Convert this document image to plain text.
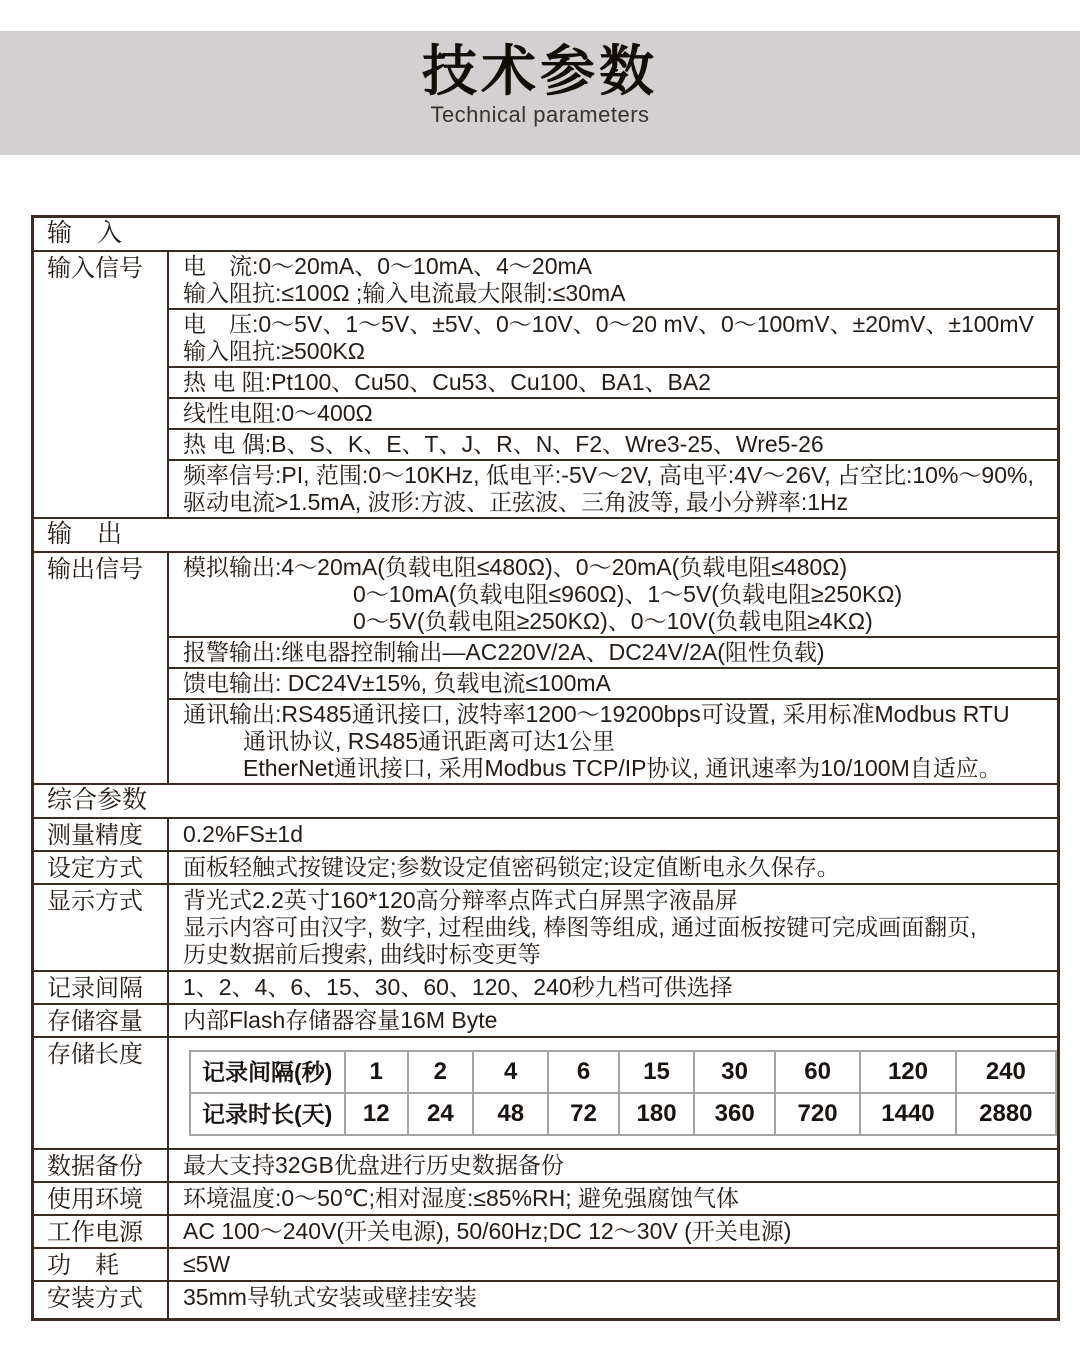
技术参数
Technical parameters
输　入
输入信号	电　流:0～20mA、0～10mA、4～20mA
输入阻抗:≤100Ω ;输入电流最大限制:≤30mA
电　压:0～5V、1～5V、±5V、0～10V、0～20 mV、0～100mV、±20mV、±100mV
输入阻抗:≥500KΩ
热 电 阻:Pt100、Cu50、Cu53、Cu100、BA1、BA2
线性电阻:0～400Ω
热 电 偶:B、S、K、E、T、J、R、N、F2、Wre3-25、Wre5-26
频率信号:PI, 范围:0～10KHz, 低电平:-5V～2V, 高电平:4V～26V, 占空比:10%～90%,
驱动电流>1.5mA, 波形:方波、正弦波、三角波等, 最小分辨率:1Hz
输　出
输出信号	模拟输出:4～20mA(负载电阻≤480Ω)、0～20mA(负载电阻≤480Ω)
0～10mA(负载电阻≤960Ω)、1～5V(负载电阻≥250KΩ)
0～5V(负载电阻≥250KΩ)、0～10V(负载电阻≥4KΩ)
报警输出:继电器控制输出—AC220V/2A、DC24V/2A(阻性负载)
馈电输出: DC24V±15%, 负载电流≤100mA
通讯输出:RS485通讯接口, 波特率1200～19200bps可设置, 采用标准Modbus RTU
通讯协议, RS485通讯距离可达1公里
EtherNet通讯接口, 采用Modbus TCP/IP协议, 通讯速率为10/100M自适应。
综合参数
测量精度	0.2%FS±1d
设定方式	面板轻触式按键设定;参数设定值密码锁定;设定值断电永久保存。
显示方式	背光式2.2英寸160*120高分辩率点阵式白屏黑字液晶屏
显示内容可由汉字, 数字, 过程曲线, 棒图等组成, 通过面板按键可完成画面翻页,
历史数据前后搜索, 曲线时标变更等
记录间隔	1、2、4、6、15、30、60、120、240秒九档可供选择
存储容量	内部Flash存储器容量16M Byte
存储长度
记录间隔(秒)	1	2	4	6	15	30	60	120	240
记录时长(天)	12	24	48	72	180	360	720	1440	2880
数据备份	最大支持32GB优盘进行历史数据备份
使用环境	环境温度:0～50℃;相对湿度:≤85%RH; 避免强腐蚀气体
工作电源	AC 100～240V(开关电源), 50/60Hz;DC 12～30V (开关电源)
功　耗	≤5W
安装方式	35mm导轨式安装或壁挂安装
